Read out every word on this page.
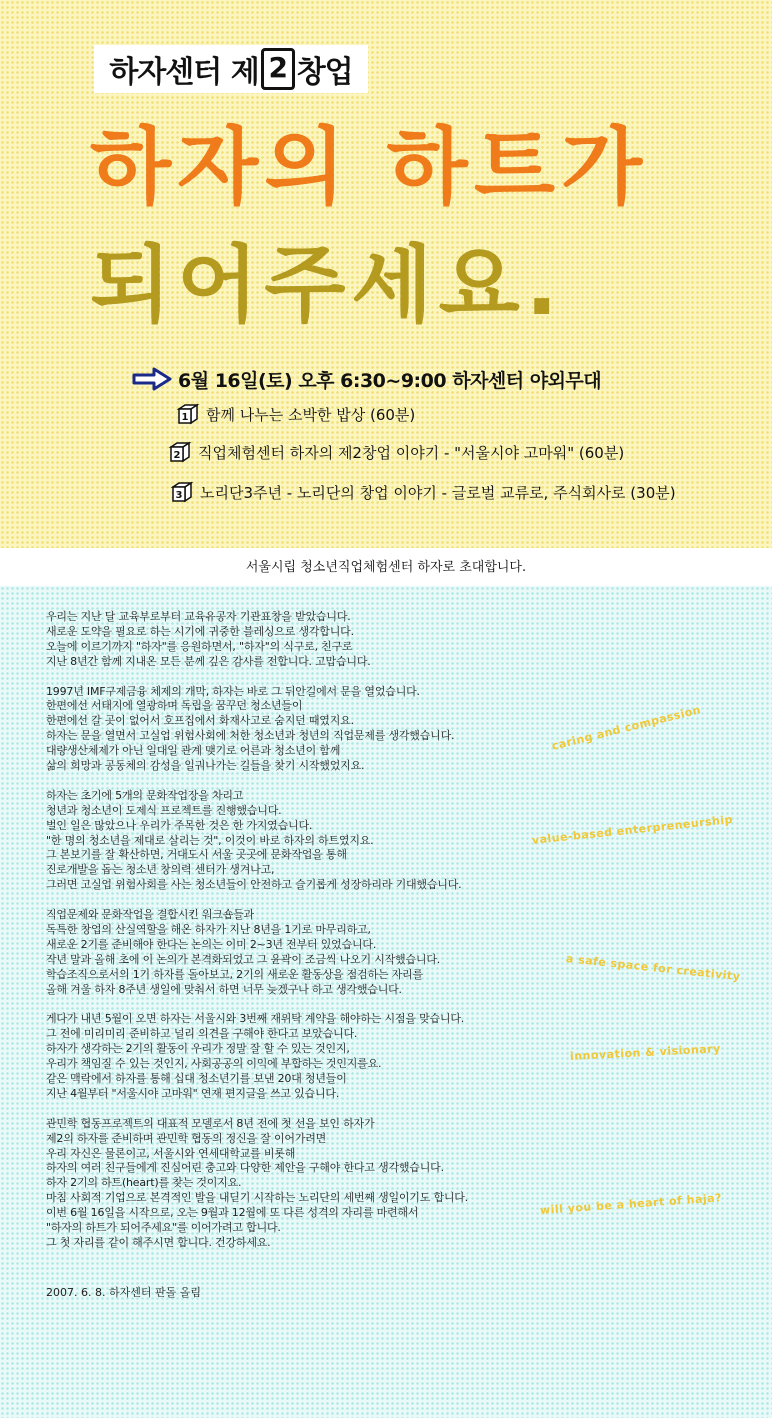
하자센터 제 2 창업
하자의 하트가
되어주세요.
6월 16일(토) 오후 6:30~9:00 하자센터 야외무대
1 함께 나누는 소박한 밥상 (60분)
2 직업체험센터 하자의 제2창업 이야기 - "서울시야 고마워" (60분)
3 노리단3주년 - 노리단의 창업 이야기 - 글로벌 교류로, 주식회사로 (30분)
서울시립 청소년직업체험센터 하자로 초대합니다.
우리는 지난 달 교육부로부터 교육유공자 기관표창을 받았습니다.
새로운 도약을 필요로 하는 시기에 귀중한 블레싱으로 생각합니다.
오늘에 이르기까지 "하자"를 응원하면서, "하자"의 식구로, 친구로
지난 8년간 함께 지내온 모든 분께 깊은 감사를 전합니다. 고맙습니다.
1997년 IMF구제금융 체제의 개막, 하자는 바로 그 뒤안길에서 문을 열었습니다.
한편에선 서태지에 열광하며 독립을 꿈꾸던 청소년들이
한편에선 갈 곳이 없어서 호프집에서 화재사고로 숨지던 때였지요.
하자는 문을 열면서 고실업 위험사회에 처한 청소년과 청년의 직업문제를 생각했습니다.
대량생산체제가 아닌 일대일 관계 맺기로 어른과 청소년이 함께
삶의 희망과 공동체의 감성을 일궈나가는 길들을 찾기 시작했었지요.
하자는 초기에 5개의 문화작업장을 차리고
청년과 청소년이 도제식 프로젝트를 진행했습니다.
벌인 일은 많았으나 우리가 주목한 것은 한 가지였습니다.
"한 명의 청소년을 제대로 살리는 것", 이것이 바로 하자의 하트였지요.
그 본보기를 잘 확산하면, 거대도시 서울 곳곳에 문화작업을 통해
진로개발을 돕는 청소년 창의력 센터가 생겨나고,
그러면 고실업 위험사회를 사는 청소년들이 안전하고 슬기롭게 성장하리라 기대했습니다.
직업문제와 문화작업을 결합시킨 워크숍들과
독특한 창업의 산실역할을 해온 하자가 지난 8년을 1기로 마무리하고,
새로운 2기를 준비해야 한다는 논의는 이미 2~3년 전부터 있었습니다.
작년 말과 올해 초에 이 논의가 본격화되었고 그 윤곽이 조금씩 나오기 시작했습니다.
학습조직으로서의 1기 하자를 돌아보고, 2기의 새로운 활동상을 점검하는 자리를
올해 겨울 하자 8주년 생일에 맞춰서 하면 너무 늦겠구나 하고 생각했습니다.
게다가 내년 5월이 오면 하자는 서울시와 3번째 재위탁 계약을 해야하는 시점을 맞습니다.
그 전에 미리미리 준비하고 널리 의견을 구해야 한다고 보았습니다.
하자가 생각하는 2기의 활동이 우리가 정말 잘 할 수 있는 것인지,
우리가 책임질 수 있는 것인지, 사회공공의 이익에 부합하는 것인지를요.
같은 맥락에서 하자를 통해 십대 청소년기를 보낸 20대 청년들이
지난 4월부터 "서울시야 고마워" 연재 편지글을 쓰고 있습니다.
관민학 협동프로젝트의 대표적 모델로서 8년 전에 첫 선을 보인 하자가
제2의 하자를 준비하며 관민학 협동의 정신을 잘 이어가려면
우리 자신은 물론이고, 서울시와 연세대학교를 비롯해
하자의 여러 친구들에게 진심어린 충고와 다양한 제안을 구해야 한다고 생각했습니다.
하자 2기의 하트(heart)를 찾는 것이지요.
마침 사회적 기업으로 본격적인 발을 내딛기 시작하는 노리단의 세번째 생일이기도 합니다.
이번 6월 16일을 시작으로, 오는 9월과 12월에 또 다른 성격의 자리를 마련해서
"하자의 하트가 되어주세요"를 이어가려고 합니다.
그 첫 자리를 같이 해주시면 합니다. 건강하세요.
2007. 6. 8. 하자센터 판돌 올림
caring and compassion
value-based enterpreneurship
a safe space for creativity
innovation & visionary
will you be a heart of haja?
